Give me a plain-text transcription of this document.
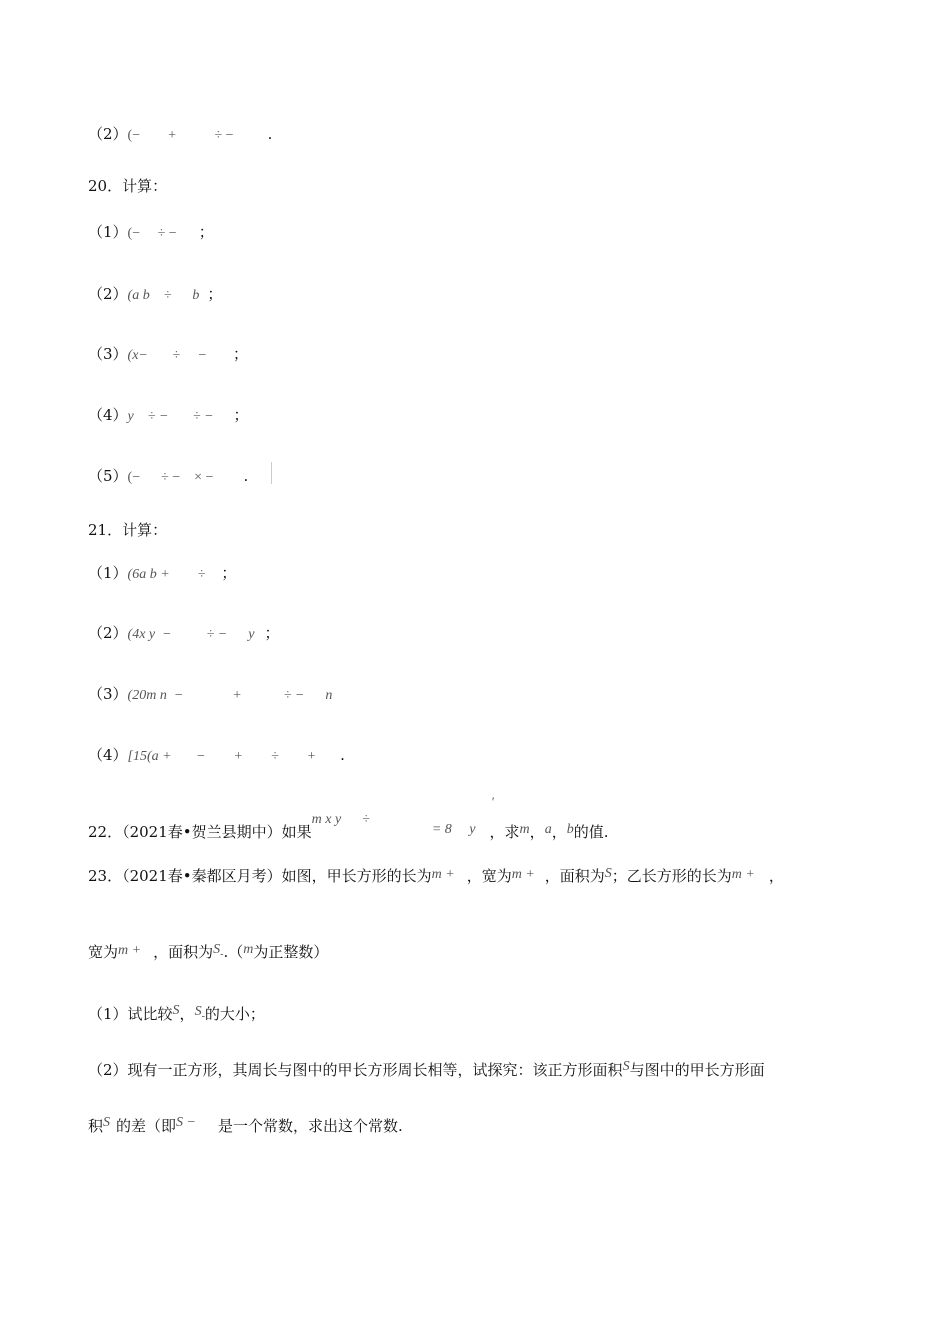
（2）(−        +           ÷ − .
20．计算：
（1）(−     ÷ − ；
（2）(a b    ÷      b ；
（3）(x−       ÷     − ；
（4）y    ÷ −       ÷ − ；
（5）(−      ÷ −    × − .
21．计算：
（1）(6a b +        ÷ ；
（2）(4x y  −          ÷ −      y ；
（3）(20m n  −              +            ÷ −      n
（4）[15(a +       −        +        ÷        + .
22．（2021春•贺兰县期中）如果m x y      ÷= 8     y ，求m，a，b的值.
'
23．（2021春•秦都区月考）如图，甲长方形的长为m + ，宽为m + ，面积为S；乙长方形的长为m + ，
宽为m + ，面积为S-.（m为正整数）
（1）试比较S，S-的大小；
（2）现有一正方形，其周长与图中的甲长方形周长相等，试探究：该正方形面积S与图中的甲长方形面
积S 的差（即S − 是一个常数，求出这个常数.
